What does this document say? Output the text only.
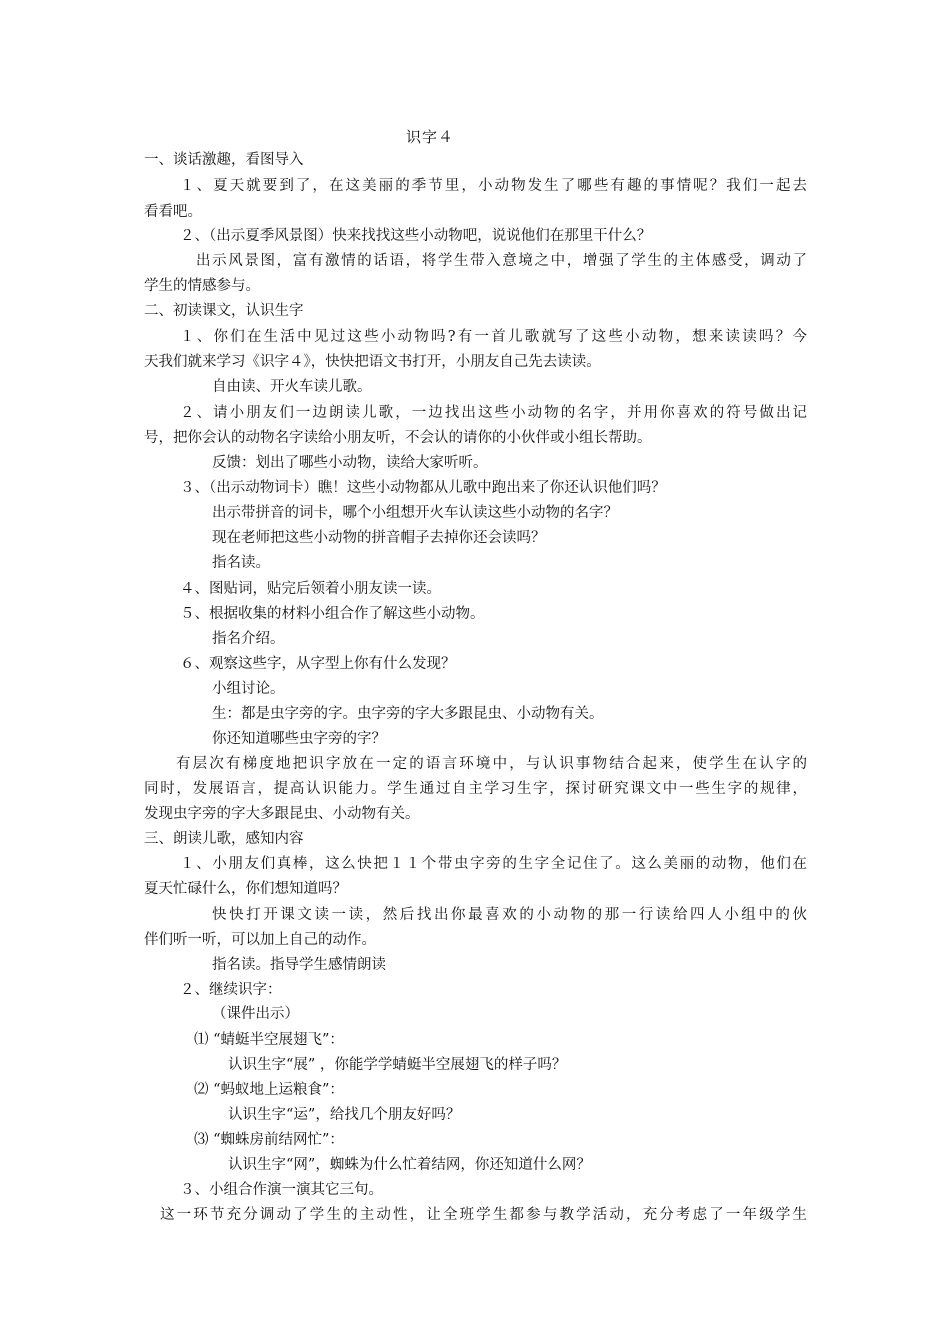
识字４
一、谈话激趣，看图导入
１、夏天就要到了，在这美丽的季节里，小动物发生了哪些有趣的事情呢？我们一起去
看看吧。
２、（出示夏季风景图）快来找找这些小动物吧，说说他们在那里干什么？
出示风景图，富有激情的话语，将学生带入意境之中，增强了学生的主体感受，调动了
学生的情感参与。
二、初读课文，认识生字
１、你们在生活中见过这些小动物吗?有一首儿歌就写了这些小动物，想来读读吗？今
天我们就来学习《识字４》，快快把语文书打开，小朋友自己先去读读。
自由读、开火车读儿歌。
２、请小朋友们一边朗读儿歌，一边找出这些小动物的名字，并用你喜欢的符号做出记
号，把你会认的动物名字读给小朋友听，不会认的请你的小伙伴或小组长帮助。
反馈：划出了哪些小动物，读给大家听听。
３、（出示动物词卡）瞧！这些小动物都从儿歌中跑出来了你还认识他们吗？
出示带拼音的词卡，哪个小组想开火车认读这些小动物的名字？
现在老师把这些小动物的拼音帽子去掉你还会读吗？
指名读。
４、图贴词，贴完后领着小朋友读一读。
５、根据收集的材料小组合作了解这些小动物。
指名介绍。
６、观察这些字，从字型上你有什么发现？
小组讨论。
生：都是虫字旁的字。虫字旁的字大多跟昆虫、小动物有关。
你还知道哪些虫字旁的字？
有层次有梯度地把识字放在一定的语言环境中，与认识事物结合起来，使学生在认字的
同时，发展语言，提高认识能力。学生通过自主学习生字，探讨研究课文中一些生字的规律，
发现虫字旁的字大多跟昆虫、小动物有关。
三、朗读儿歌，感知内容
１、小朋友们真棒，这么快把１１个带虫字旁的生字全记住了。这么美丽的动物，他们在
夏天忙碌什么，你们想知道吗？
快快打开课文读一读，然后找出你最喜欢的小动物的那一行读给四人小组中的伙
伴们听一听，可以加上自己的动作。
指名读。指导学生感情朗读
２、继续识字：
（课件出示）
⑴ “蜻蜓半空展翅飞”：
认识生字“展” ，你能学学蜻蜓半空展翅飞的样子吗？
⑵ “蚂蚁地上运粮食”：
认识生字“运”，给找几个朋友好吗？
⑶ “蜘蛛房前结网忙”：
认识生字“网”，蜘蛛为什么忙着结网，你还知道什么网？
３、小组合作演一演其它三句。
这一环节充分调动了学生的主动性，让全班学生都参与教学活动，充分考虑了一年级学生
